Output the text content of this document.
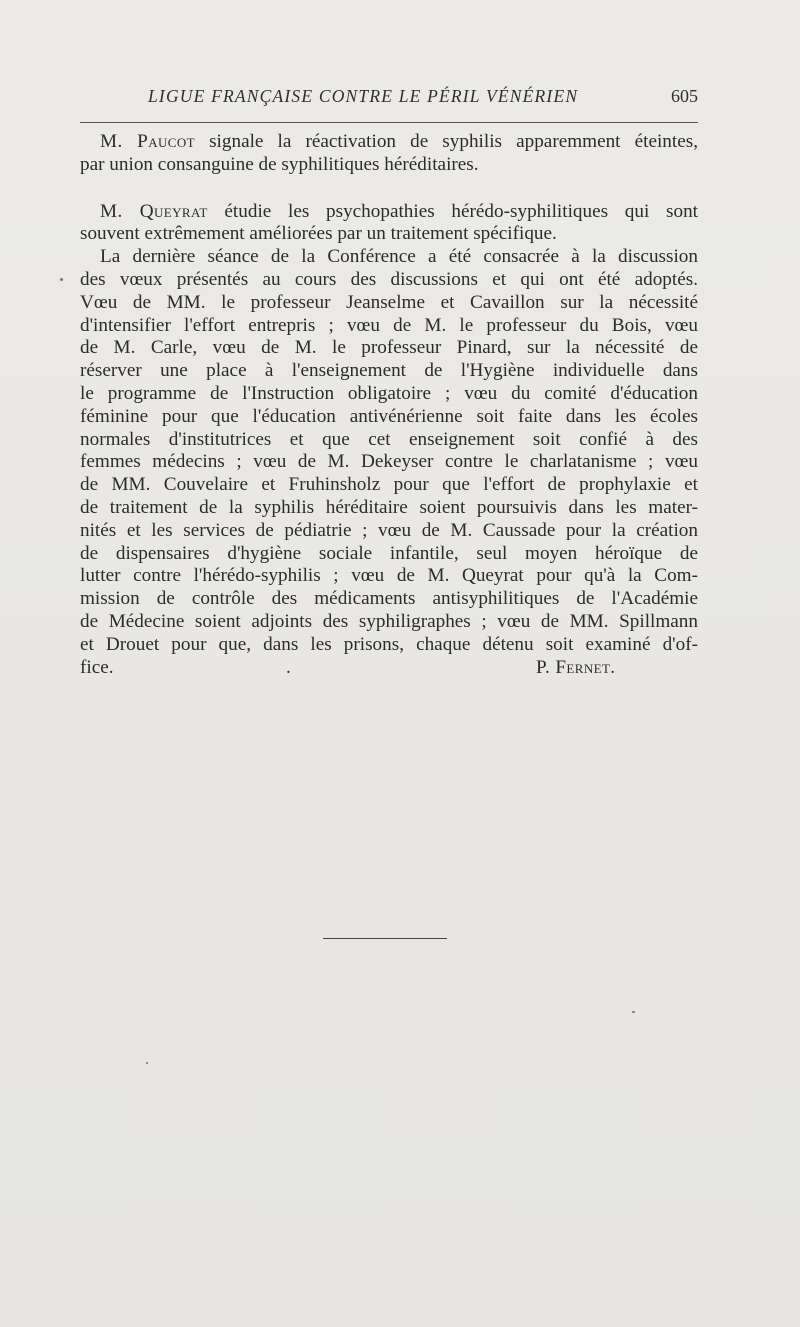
LIGUE FRANÇAISE CONTRE LE PÉRIL VÉNÉRIEN	605

M. Paucot signale la réactivation de syphilis apparemment éteintes,
par union consanguine de syphilitiques héréditaires.

M. Queyrat étudie les psychopathies hérédo-syphilitiques qui sont
souvent extrêmement améliorées par un traitement spécifique.

La dernière séance de la Conférence a été consacrée à la discussion
des vœux présentés au cours des discussions et qui ont été adoptés.
Vœu de MM. le professeur Jeanselme et Cavaillon sur la nécessité
d'intensifier l'effort entrepris ; vœu de M. le professeur du Bois, vœu
de M. Carle, vœu de M. le professeur Pinard, sur la nécessité de
réserver une place à l'enseignement de l'Hygiène individuelle dans
le programme de l'Instruction obligatoire ; vœu du comité d'éducation
féminine pour que l'éducation antivénérienne soit faite dans les écoles
normales d'institutrices et que cet enseignement soit confié à des
femmes médecins ; vœu de M. Dekeyser contre le charlatanisme ; vœu
de MM. Couvelaire et Fruhinsholz pour que l'effort de prophylaxie et
de traitement de la syphilis héréditaire soient poursuivis dans les mater-
nités et les services de pédiatrie ; vœu de M. Caussade pour la création
de dispensaires d'hygiène sociale infantile, seul moyen héroïque de
lutter contre l'hérédo-syphilis ; vœu de M. Queyrat pour qu'à la Com-
mission de contrôle des médicaments antisyphilitiques de l'Académie
de Médecine soient adjoints des syphiligraphes ; vœu de MM. Spillmann
et Drouet pour que, dans les prisons, chaque détenu soit examiné d'of-
fice.	.	P. Fernet.
